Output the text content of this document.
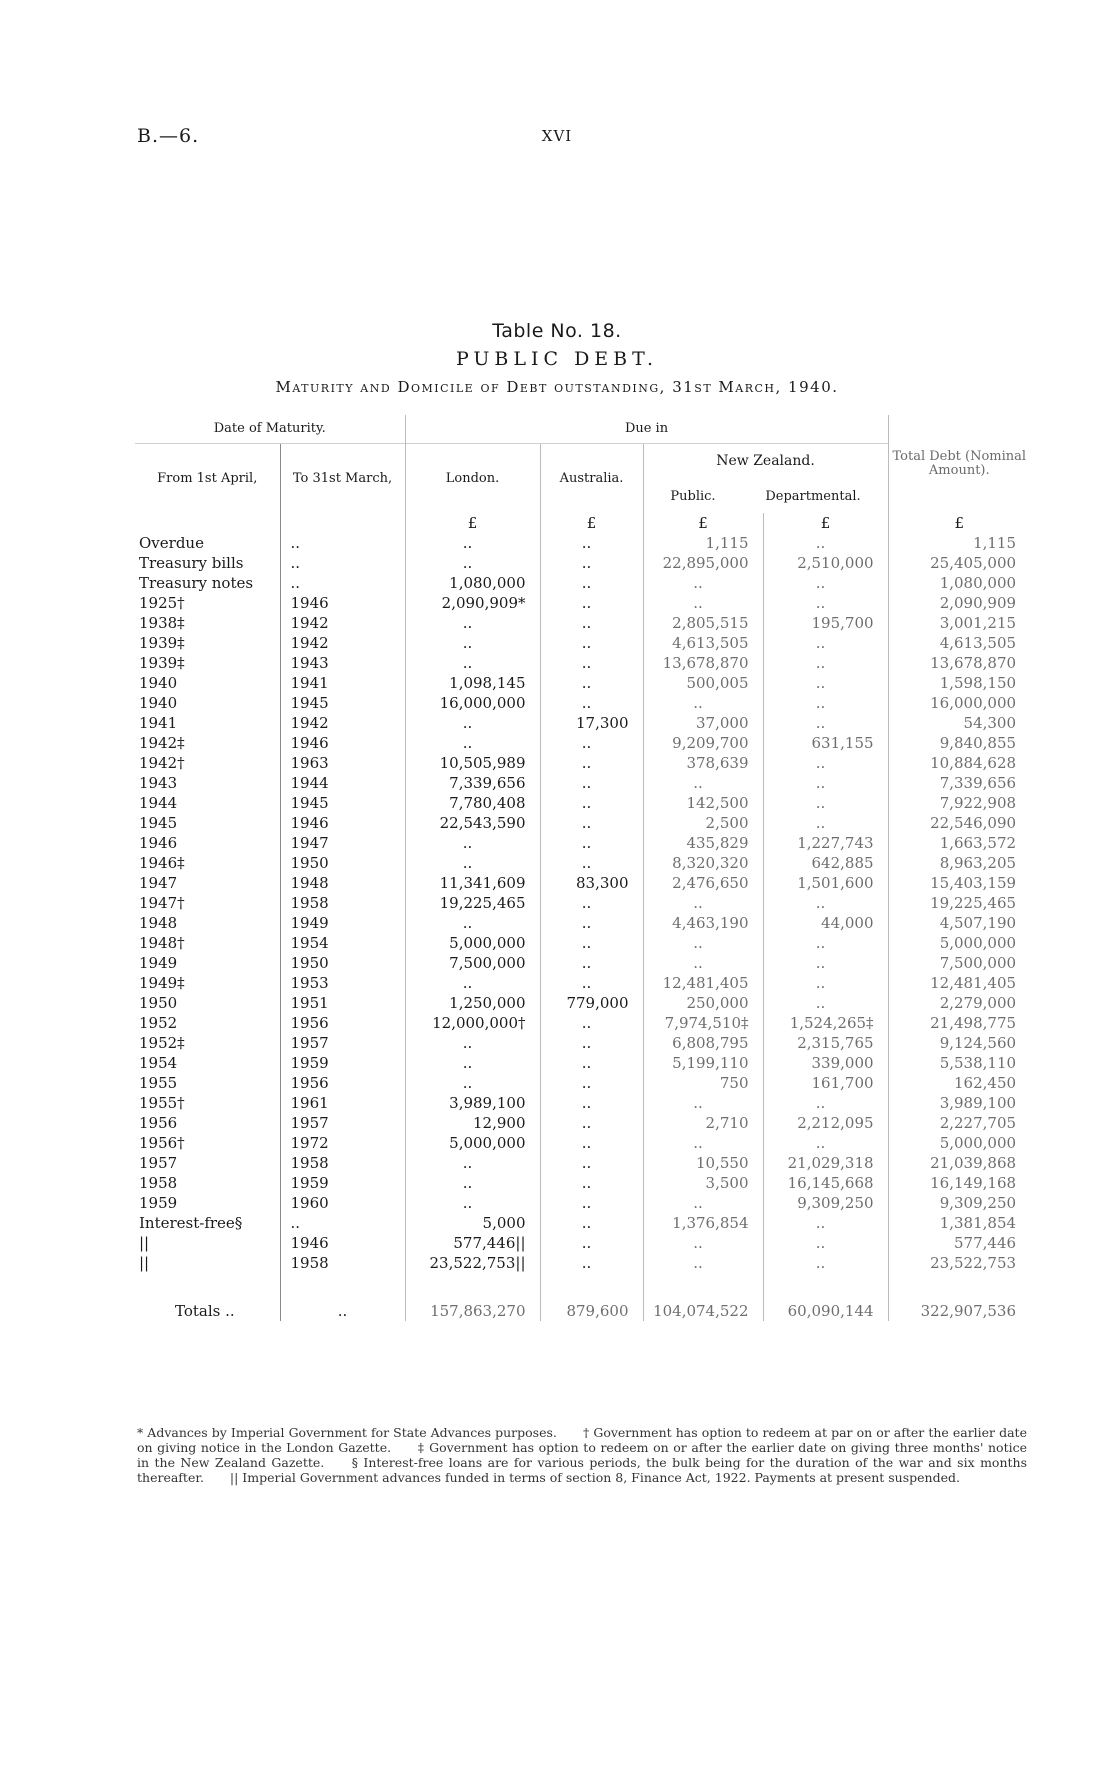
B.—6.	XVI
Table No. 18.
PUBLIC DEBT.
Maturity and Domicile of Debt outstanding, 31st March, 1940.
Date of Maturity.		Due in				Total Debt (Nominal Amount).
From 1st April,	To 31st March,	London.	Australia.	New Zealand.
Public. Departmental.		

		£	£	£	£	£
Overdue	..	..	..	1,115	..	1,115
Treasury bills	..	..	..	22,895,000	2,510,000	25,405,000
Treasury notes	..	1,080,000	..	..	..	1,080,000
1925†	1946	2,090,909*	..	..	..	2,090,909
1938‡	1942	..	..	2,805,515	195,700	3,001,215
1939‡	1942	..	..	4,613,505	..	4,613,505
1939‡	1943	..	..	13,678,870	..	13,678,870
1940	1941	1,098,145	..	500,005	..	1,598,150
1940	1945	16,000,000	..	..	..	16,000,000
1941	1942	..	17,300	37,000	..	54,300
1942‡	1946	..	..	9,209,700	631,155	9,840,855
1942†	1963	10,505,989	..	378,639	..	10,884,628
1943	1944	7,339,656	..	..	..	7,339,656
1944	1945	7,780,408	..	142,500	..	7,922,908
1945	1946	22,543,590	..	2,500	..	22,546,090
1946	1947	..	..	435,829	1,227,743	1,663,572
1946‡	1950	..	..	8,320,320	642,885	8,963,205
1947	1948	11,341,609	83,300	2,476,650	1,501,600	15,403,159
1947†	1958	19,225,465	..	..	..	19,225,465
1948	1949	..	..	4,463,190	44,000	4,507,190
1948†	1954	5,000,000	..	..	..	5,000,000
1949	1950	7,500,000	..	..	..	7,500,000
1949‡	1953	..	..	12,481,405	..	12,481,405
1950	1951	1,250,000	779,000	250,000	..	2,279,000
1952	1956	12,000,000†	..	7,974,510‡	1,524,265‡	21,498,775
1952‡	1957	..	..	6,808,795	2,315,765	9,124,560
1954	1959	..	..	5,199,110	339,000	5,538,110
1955	1956	..	..	750	161,700	162,450
1955†	1961	3,989,100	..	..	..	3,989,100
1956	1957	12,900	..	2,710	2,212,095	2,227,705
1956†	1972	5,000,000	..	..	..	5,000,000
1957	1958	..	..	10,550	21,029,318	21,039,868
1958	1959	..	..	3,500	16,145,668	16,149,168
1959	1960	..	..	..	9,309,250	9,309,250
Interest-free§	..	5,000	..	1,376,854	..	1,381,854
||	1946	577,446||	..	..	..	577,446
||	1958	23,522,753||	..	..	..	23,522,753
Totals ..	..	157,863,270	879,600	104,074,522	60,090,144	322,907,536
* Advances by Imperial Government for State Advances purposes. † Government has option to redeem at par on or after the earlier date on giving notice in the London Gazette. ‡ Government has option to redeem on or after the earlier date on giving three months' notice in the New Zealand Gazette. § Interest-free loans are for various periods, the bulk being for the duration of the war and six months thereafter. || Imperial Government advances funded in terms of section 8, Finance Act, 1922. Payments at present suspended.
